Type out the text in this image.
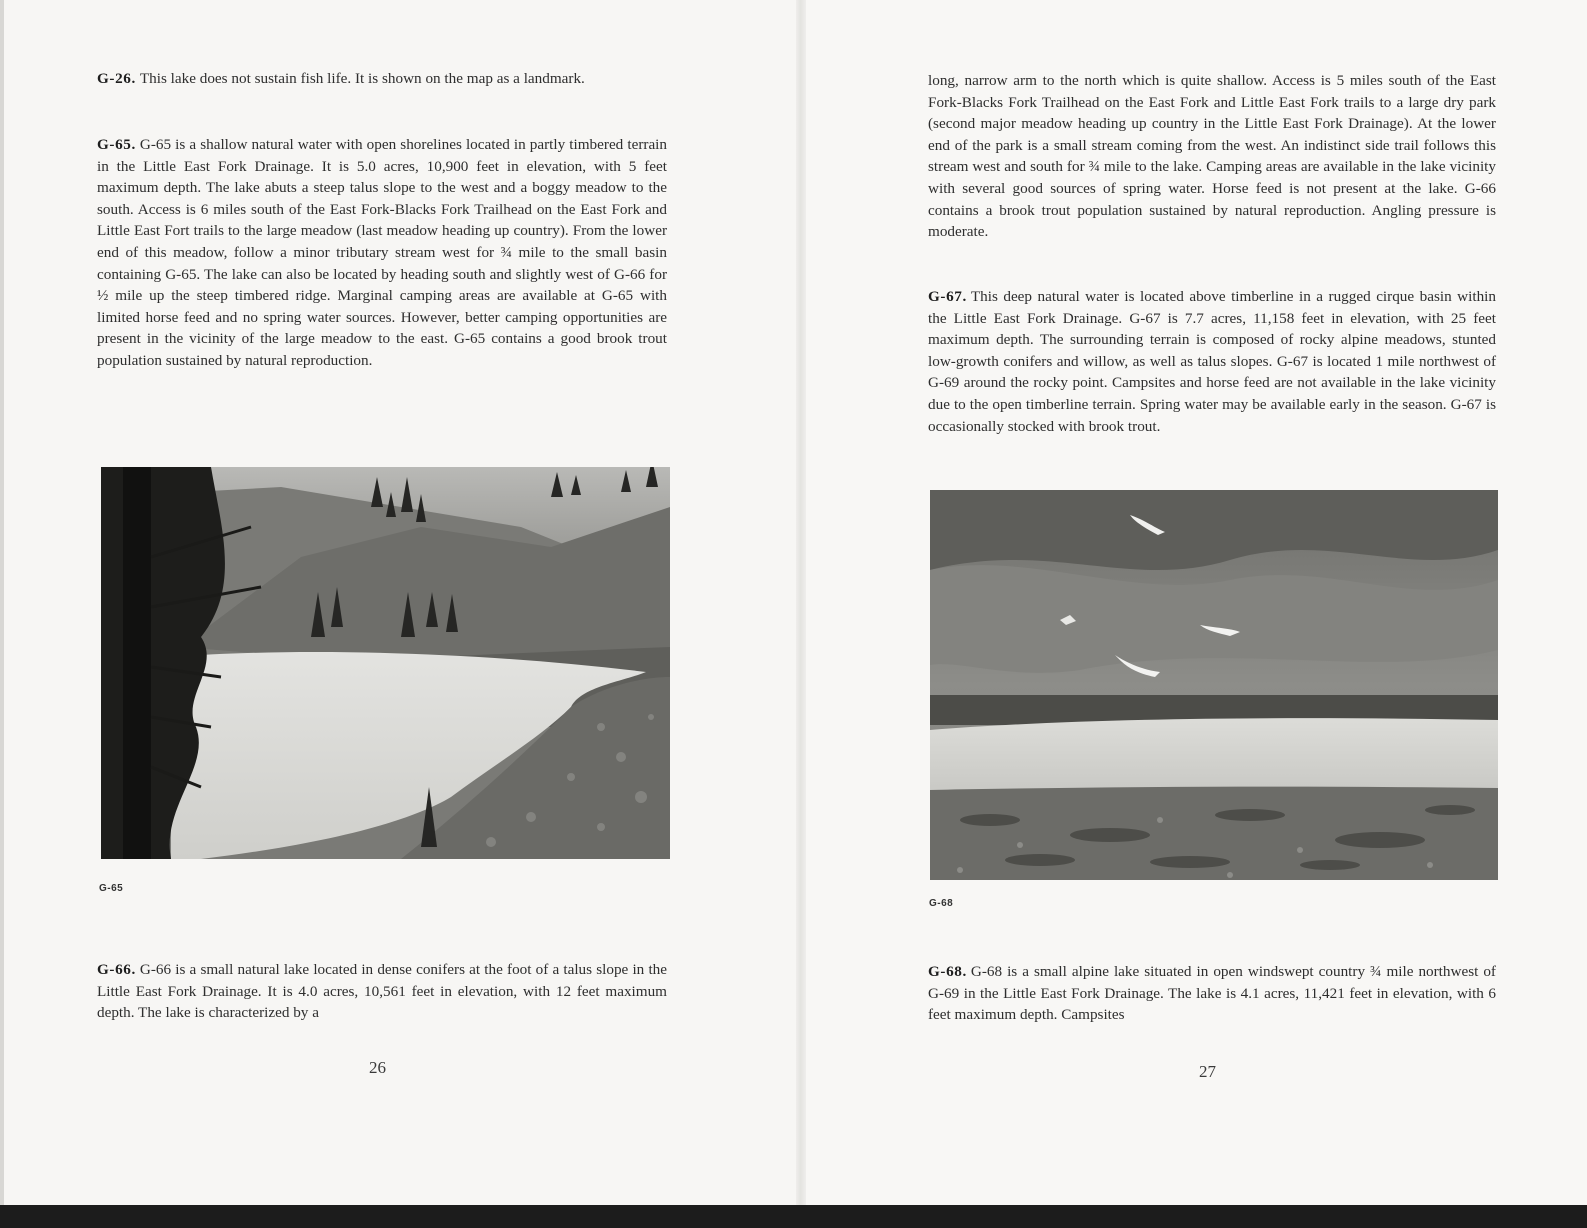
G-26. This lake does not sustain fish life. It is shown on the map as a landmark.

G-65. G-65 is a shallow natural water with open shorelines located in partly timbered terrain in the Little East Fork Drainage. It is 5.0 acres, 10,900 feet in elevation, with 5 feet maximum depth. The lake abuts a steep talus slope to the west and a boggy meadow to the south. Access is 6 miles south of the East Fork-Blacks Fork Trailhead on the East Fork and Little East Fort trails to the large meadow (last meadow heading up country). From the lower end of this meadow, follow a minor tributary stream west for ¾ mile to the small basin containing G-65. The lake can also be located by heading south and slightly west of G-66 for ½ mile up the steep timbered ridge. Marginal camping areas are available at G-65 with limited horse feed and no spring water sources. However, better camping opportunities are present in the vicinity of the large meadow to the east. G-65 contains a good brook trout population sustained by natural reproduction.

G-65

G-66. G-66 is a small natural lake located in dense conifers at the foot of a talus slope in the Little East Fork Drainage. It is 4.0 acres, 10,561 feet in elevation, with 12 feet maximum depth. The lake is characterized by a

26

long, narrow arm to the north which is quite shallow. Access is 5 miles south of the East Fork-Blacks Fork Trailhead on the East Fork and Little East Fork trails to a large dry park (second major meadow heading up country in the Little East Fork Drainage). At the lower end of the park is a small stream coming from the west. An indistinct side trail follows this stream west and south for ¾ mile to the lake. Camping areas are available in the lake vicinity with several good sources of spring water. Horse feed is not present at the lake. G-66 contains a brook trout population sustained by natural reproduction. Angling pressure is moderate.

G-67. This deep natural water is located above timberline in a rugged cirque basin within the Little East Fork Drainage. G-67 is 7.7 acres, 11,158 feet in elevation, with 25 feet maximum depth. The surrounding terrain is composed of rocky alpine meadows, stunted low-growth conifers and willow, as well as talus slopes. G-67 is located 1 mile northwest of G-69 around the rocky point. Campsites and horse feed are not available in the lake vicinity due to the open timberline terrain. Spring water may be available early in the season. G-67 is occasionally stocked with brook trout.

G-68

G-68. G-68 is a small alpine lake situated in open windswept country ¾ mile northwest of G-69 in the Little East Fork Drainage. The lake is 4.1 acres, 11,421 feet in elevation, with 6 feet maximum depth. Campsites

27
